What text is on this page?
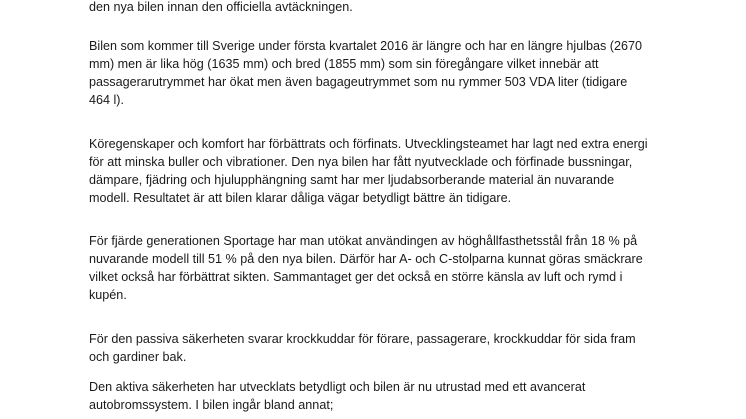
den nya bilen innan den officiella avtäckningen.

Bilen som kommer till Sverige under första kvartalet 2016 är längre och har en längre hjulbas (2670

mm) men är lika hög (1635 mm) och bred (1855 mm) som sin föregångare vilket innebär att

passagerarutrymmet har ökat men även bagageutrymmet som nu rymmer 503 VDA liter (tidigare

464 l).

Köregenskaper och komfort har förbättrats och förfinats. Utvecklingsteamet har lagt ned extra energi

för att minska buller och vibrationer. Den nya bilen har fått nyutvecklade och förfinade bussningar,

dämpare, fjädring och hjulupphängning samt har mer ljudabsorberande material än nuvarande

modell. Resultatet är att bilen klarar dåliga vägar betydligt bättre än tidigare.

För fjärde generationen Sportage har man utökat användingen av höghållfasthetsstål från 18 % på

nuvarande modell till 51 % på den nya bilen. Därför har A- och C-stolparna kunnat göras smäckrare

vilket också har förbättrat sikten. Sammantaget ger det också en större känsla av luft och rymd i

kupén.

För den passiva säkerheten svarar krockkuddar för förare, passagerare, krockkuddar för sida fram

och gardiner bak.

Den aktiva säkerheten har utvecklats betydligt och bilen är nu utrustad med ett avancerat

autobromssystem. I bilen ingår bland annat;
